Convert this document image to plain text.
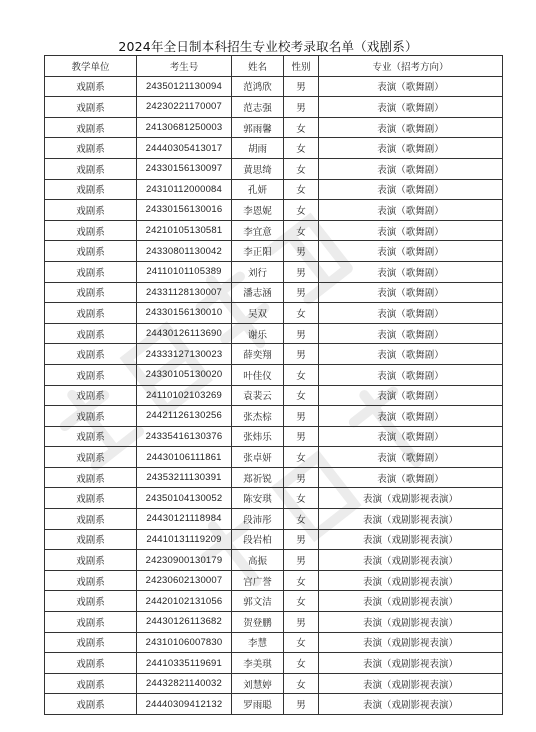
2024年全日制本科招生专业校考录取名单（戏剧系）
教学单位	考生号	姓名	性别	专业（招考方向）
戏剧系	24350121130094	范鸿欣	男	表演（歌舞剧）
戏剧系	24230221170007	范志强	男	表演（歌舞剧）
戏剧系	24130681250003	郭雨馨	女	表演（歌舞剧）
戏剧系	24440305413017	胡雨	女	表演（歌舞剧）
戏剧系	24330156130097	黄思绮	女	表演（歌舞剧）
戏剧系	24310112000084	孔妍	女	表演（歌舞剧）
戏剧系	24330156130016	李恩妮	女	表演（歌舞剧）
戏剧系	24210105130581	李宜意	女	表演（歌舞剧）
戏剧系	24330801130042	李正阳	男	表演（歌舞剧）
戏剧系	24110101105389	刘行	男	表演（歌舞剧）
戏剧系	24331128130007	潘志涵	男	表演（歌舞剧）
戏剧系	24330156130010	吴双	女	表演（歌舞剧）
戏剧系	24430126113690	谢乐	男	表演（歌舞剧）
戏剧系	24333127130023	薛奕翔	男	表演（歌舞剧）
戏剧系	24330105130020	叶佳仪	女	表演（歌舞剧）
戏剧系	24110102103269	袁裴云	女	表演（歌舞剧）
戏剧系	24421126130256	张杰棕	男	表演（歌舞剧）
戏剧系	24335416130376	张炜乐	男	表演（歌舞剧）
戏剧系	24430106111861	张卓妍	女	表演（歌舞剧）
戏剧系	24353211130391	郑祈锐	男	表演（歌舞剧）
戏剧系	24350104130052	陈安琪	女	表演（戏剧影视表演）
戏剧系	24430121118984	段沛彤	女	表演（戏剧影视表演）
戏剧系	24410131119209	段岩柏	男	表演（戏剧影视表演）
戏剧系	24230900130179	高振	男	表演（戏剧影视表演）
戏剧系	24230602130007	宫广誉	女	表演（戏剧影视表演）
戏剧系	24420102131056	郭文洁	女	表演（戏剧影视表演）
戏剧系	24430126113682	贺登鹏	男	表演（戏剧影视表演）
戏剧系	24310106007830	李慧	女	表演（戏剧影视表演）
戏剧系	24410335119691	李美琪	女	表演（戏剧影视表演）
戏剧系	24432821140032	刘慧婷	女	表演（戏剧影视表演）
戏剧系	24440309412132	罗雨聪	男	表演（戏剧影视表演）
